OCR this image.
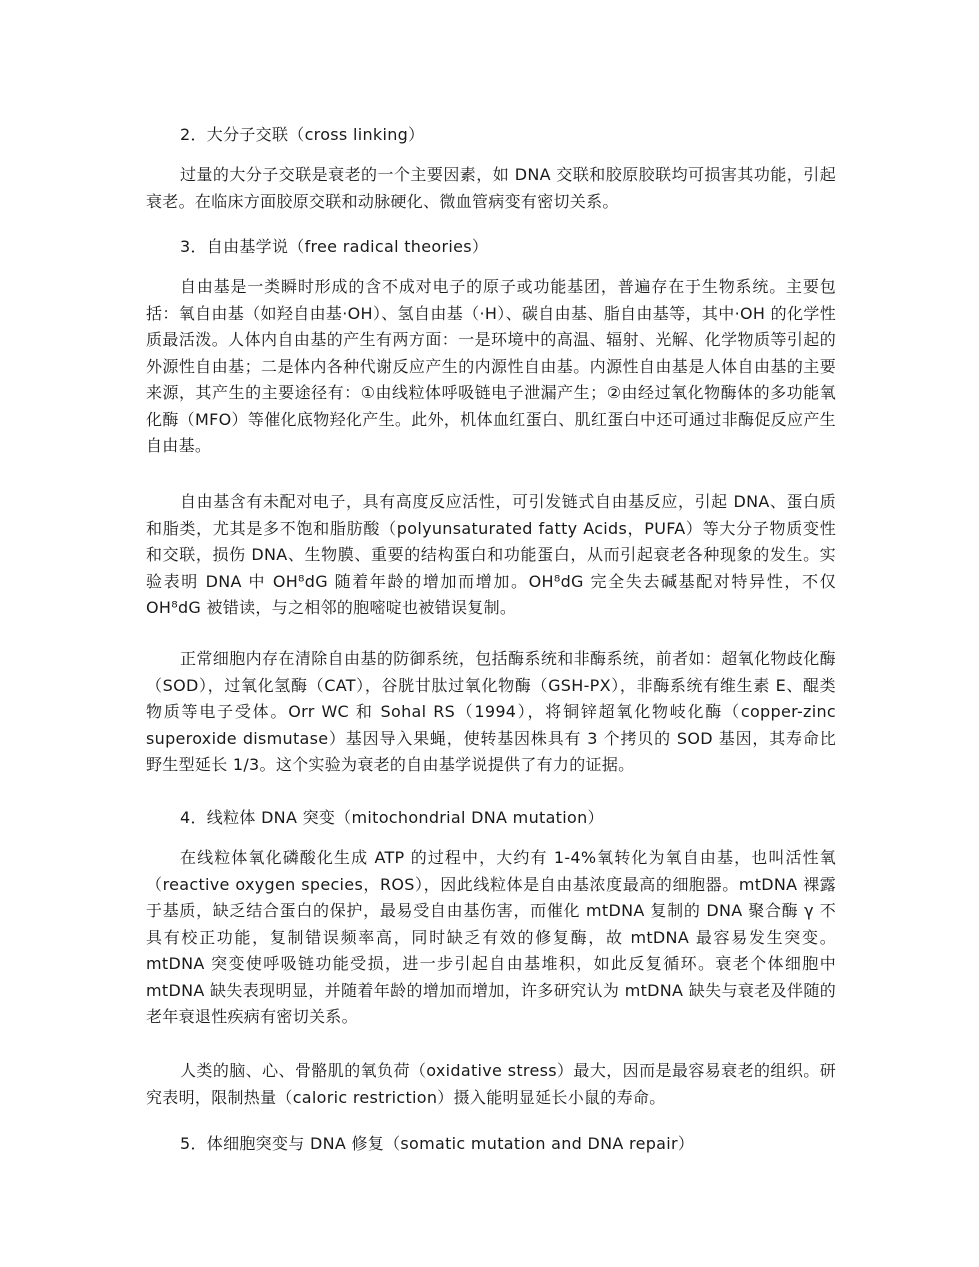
2．大分子交联（cross linking）
过量的大分子交联是衰老的一个主要因素，如 DNA 交联和胶原胶联均可损害其功能，引起衰老。在临床方面胶原交联和动脉硬化、微血管病变有密切关系。
3．自由基学说（free radical theories）
自由基是一类瞬时形成的含不成对电子的原子或功能基团，普遍存在于生物系统。主要包括：氧自由基（如羟自由基·OH）、氢自由基（·H）、碳自由基、脂自由基等，其中·OH 的化学性质最活泼。人体内自由基的产生有两方面：一是环境中的高温、辐射、光解、化学物质等引起的外源性自由基；二是体内各种代谢反应产生的内源性自由基。内源性自由基是人体自由基的主要来源，其产生的主要途径有：①由线粒体呼吸链电子泄漏产生；②由经过氧化物酶体的多功能氧化酶（MFO）等催化底物羟化产生。此外，机体血红蛋白、肌红蛋白中还可通过非酶促反应产生自由基。
自由基含有未配对电子，具有高度反应活性，可引发链式自由基反应，引起 DNA、蛋白质和脂类，尤其是多不饱和脂肪酸（polyunsaturated fatty Acids，PUFA）等大分子物质变性和交联，损伤 DNA、生物膜、重要的结构蛋白和功能蛋白，从而引起衰老各种现象的发生。实验表明 DNA 中 OH⁸dG 随着年龄的增加而增加。OH⁸dG 完全失去碱基配对特异性，不仅 OH⁸dG 被错读，与之相邻的胞嘧啶也被错误复制。
正常细胞内存在清除自由基的防御系统，包括酶系统和非酶系统，前者如：超氧化物歧化酶（SOD），过氧化氢酶（CAT），谷胱甘肽过氧化物酶（GSH-PX），非酶系统有维生素 E、醌类物质等电子受体。Orr WC 和 Sohal RS（1994），将铜锌超氧化物岐化酶（copper-zinc superoxide dismutase）基因导入果蝇，使转基因株具有 3 个拷贝的 SOD 基因，其寿命比野生型延长 1/3。这个实验为衰老的自由基学说提供了有力的证据。
4．线粒体 DNA 突变（mitochondrial DNA mutation）
在线粒体氧化磷酸化生成 ATP 的过程中，大约有 1-4%氧转化为氧自由基，也叫活性氧（reactive oxygen species，ROS），因此线粒体是自由基浓度最高的细胞器。mtDNA 裸露于基质，缺乏结合蛋白的保护，最易受自由基伤害，而催化 mtDNA 复制的 DNA 聚合酶 γ 不具有校正功能，复制错误频率高，同时缺乏有效的修复酶，故 mtDNA 最容易发生突变。mtDNA 突变使呼吸链功能受损，进一步引起自由基堆积，如此反复循环。衰老个体细胞中 mtDNA 缺失表现明显，并随着年龄的增加而增加，许多研究认为 mtDNA 缺失与衰老及伴随的老年衰退性疾病有密切关系。
人类的脑、心、骨骼肌的氧负荷（oxidative stress）最大，因而是最容易衰老的组织。研究表明，限制热量（caloric restriction）摄入能明显延长小鼠的寿命。
5．体细胞突变与 DNA 修复（somatic mutation and DNA repair）
